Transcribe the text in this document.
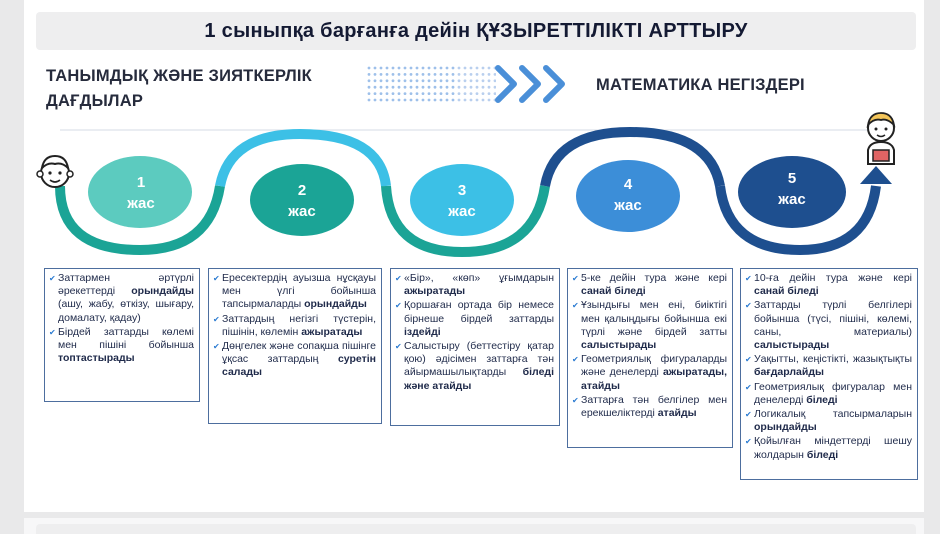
1 сыныпқа барғанға дейін ҚҰЗЫРЕТТІЛІКТІ АРТТЫРУ
ТАНЫМДЫҚ ЖӘНЕ ЗИЯТКЕРЛІК
ДАҒДЫЛАР
МАТЕМАТИКА НЕГІЗДЕРІ
1
жас
2
жас
3
жас
4
жас
5
жас
✔ Заттармен әртүрлі әрекеттерді орындайды (ашу, жабу, өткізу, шығару, домалату, қадау)
✔ Бірдей заттарды көлемі мен пішіні бойынша топтастырады
✔ Ересектердің ауызша нұсқауы мен үлгі бойынша тапсырмаларды орындайды
✔ Заттардың негізгі түстерін, пішінін, көлемін ажыратады
✔ Дөңгелек және сопақша пішінге ұқсас заттардың суретін салады
✔ «Бір», «көп» ұғымдарын ажыратады
✔ Қоршаған ортада бір немесе бірнеше бірдей заттарды іздейді
✔ Салыстыру (беттестіру қатар қою) әдісімен заттарға тән айырмашылықтарды біледі және атайды
✔ 5-ке дейін тура және кері санай біледі
✔ Ұзындығы мен ені, биіктігі мен қалыңдығы бойынша екі түрлі және бірдей затты салыстырады
✔ Геометриялық фигураларды және денелерді ажыратады, атайды
✔ Заттарға тән белгілер мен ерекшеліктерді атайды
✔ 10-ға дейін тура және кері санай біледі
✔ Заттарды түрлі белгілері бойынша (түсі, пішіні, көлемі, саны, материалы) салыстырады
✔ Уақытты, кеңістікті, жазықтықты бағдарлайды
✔ Геометриялық фигуралар мен денелерді біледі
✔ Логикалық тапсырмаларын орындайды
✔ Қойылған міндеттерді шешу жолдарын біледі
